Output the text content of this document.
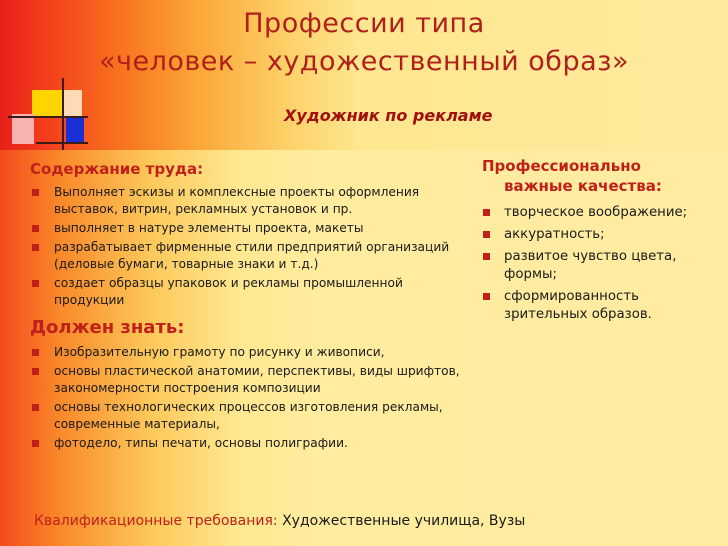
Профессии типа
«человек – художественный образ»
Художник по рекламе
Содержание труда:
Выполняет эскизы и комплексные проекты оформления выставок, витрин, рекламных установок и пр.
выполняет в натуре элементы проекта, макеты
разрабатывает фирменные стили предприятий организаций (деловые бумаги, товарные знаки и т.д.)
создает образцы упаковок и рекламы промышленной продукции
Должен знать:
Изобразительную грамоту по рисунку и живописи,
основы пластической анатомии, перспективы, виды шрифтов, закономерности построения композиции
основы технологических процессов изготовления рекламы, современные материалы,
фотодело, типы печати, основы полиграфии.
Профессионально
важные качества:
творческое воображение;
аккуратность;
развитое чувство цвета, формы;
сформированность зрительных образов.
Квалификационные требования: Художественные училища, Вузы
